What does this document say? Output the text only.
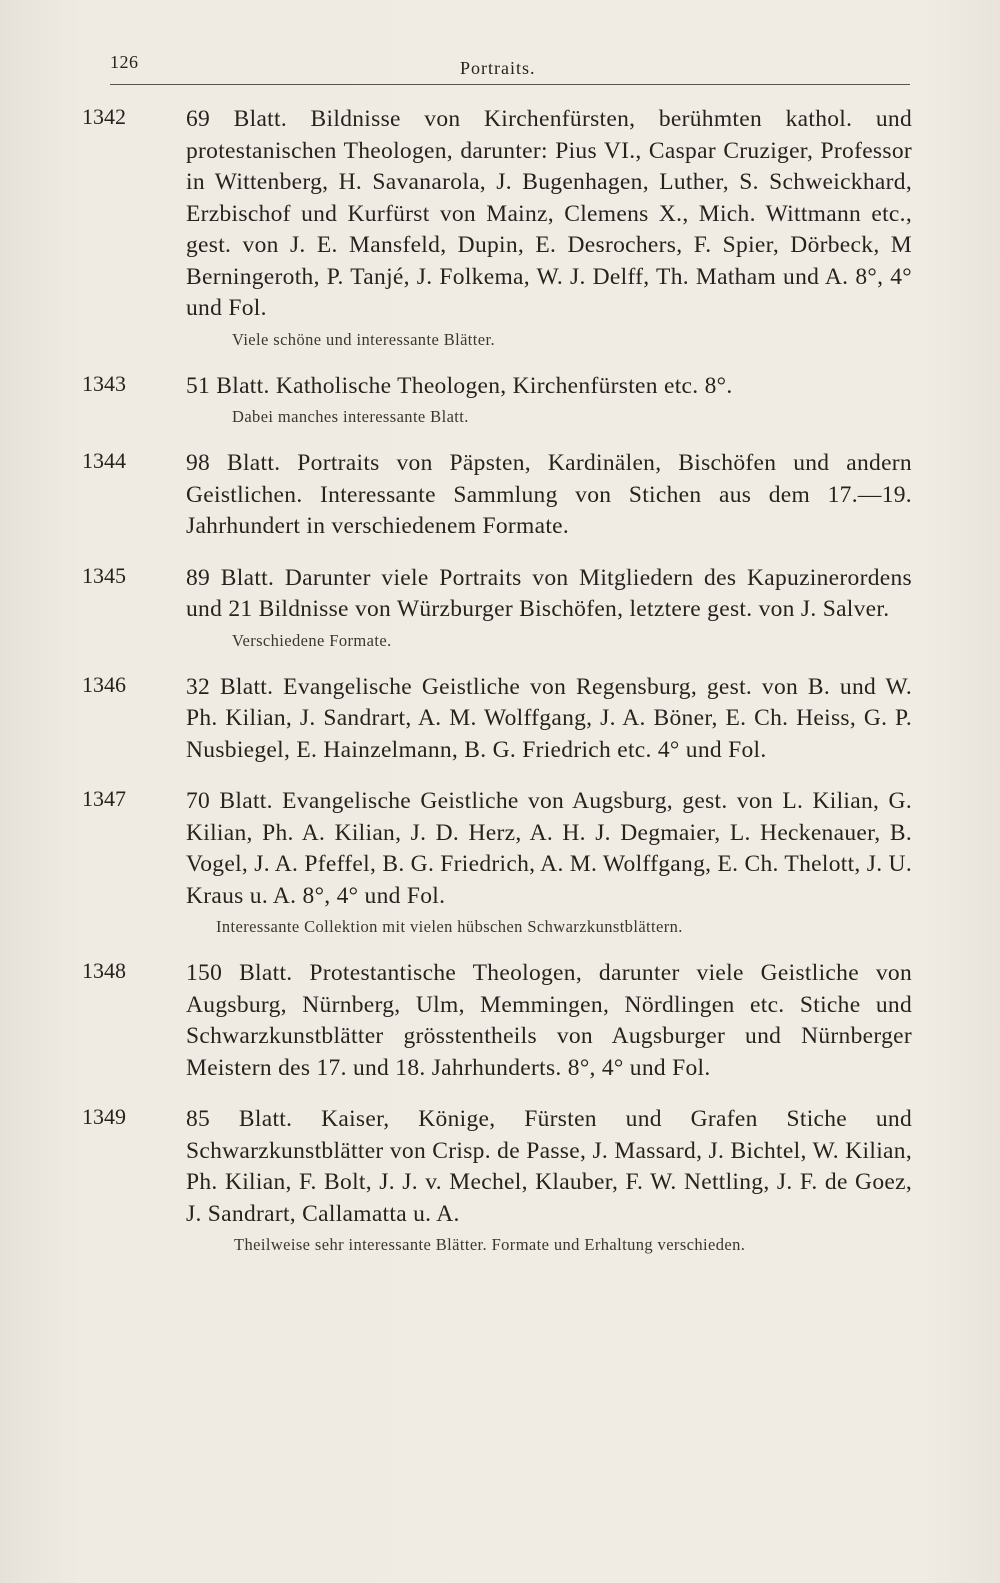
126	Portraits.
1342	69 Blatt. Bildnisse von Kirchenfürsten, berühmten kathol. und protestanischen Theologen, darunter: Pius VI., Caspar Cruziger, Professor in Wittenberg, H. Savanarola, J. Bugenhagen, Luther, S. Schweickhard, Erzbischof und Kurfürst von Mainz, Clemens X., Mich. Wittmann etc., gest. von J. E. Mansfeld, Dupin, E. Desrochers, F. Spier, Dörbeck, M Berningeroth, P. Tanjé, J. Folkema, W. J. Delff, Th. Matham und A. 8°, 4° und Fol.
Viele schöne und interessante Blätter.
1343	51 Blatt. Katholische Theologen, Kirchenfürsten etc. 8°.
Dabei manches interessante Blatt.
1344	98 Blatt. Portraits von Päpsten, Kardinälen, Bischöfen und andern Geistlichen. Interessante Sammlung von Stichen aus dem 17.—19. Jahrhundert in verschiedenem Formate.
1345	89 Blatt. Darunter viele Portraits von Mitgliedern des Kapuzinerordens und 21 Bildnisse von Würzburger Bischöfen, letztere gest. von J. Salver.
Verschiedene Formate.
1346	32 Blatt. Evangelische Geistliche von Regensburg, gest. von B. und W. Ph. Kilian, J. Sandrart, A. M. Wolffgang, J. A. Böner, E. Ch. Heiss, G. P. Nusbiegel, E. Hainzelmann, B. G. Friedrich etc. 4° und Fol.
1347	70 Blatt. Evangelische Geistliche von Augsburg, gest. von L. Kilian, G. Kilian, Ph. A. Kilian, J. D. Herz, A. H. J. Degmaier, L. Heckenauer, B. Vogel, J. A. Pfeffel, B. G. Friedrich, A. M. Wolffgang, E. Ch. Thelott, J. U. Kraus u. A. 8°, 4° und Fol.
Interessante Collektion mit vielen hübschen Schwarzkunstblättern.
1348	150 Blatt. Protestantische Theologen, darunter viele Geistliche von Augsburg, Nürnberg, Ulm, Memmingen, Nördlingen etc. Stiche und Schwarzkunstblätter grösstentheils von Augsburger und Nürnberger Meistern des 17. und 18. Jahrhunderts. 8°, 4° und Fol.
1349	85 Blatt. Kaiser, Könige, Fürsten und Grafen Stiche und Schwarzkunstblätter von Crisp. de Passe, J. Massard, J. Bichtel, W. Kilian, Ph. Kilian, F. Bolt, J. J. v. Mechel, Klauber, F. W. Nettling, J. F. de Goez, J. Sandrart, Callamatta u. A.
Theilweise sehr interessante Blätter. Formate und Erhaltung verschieden.
